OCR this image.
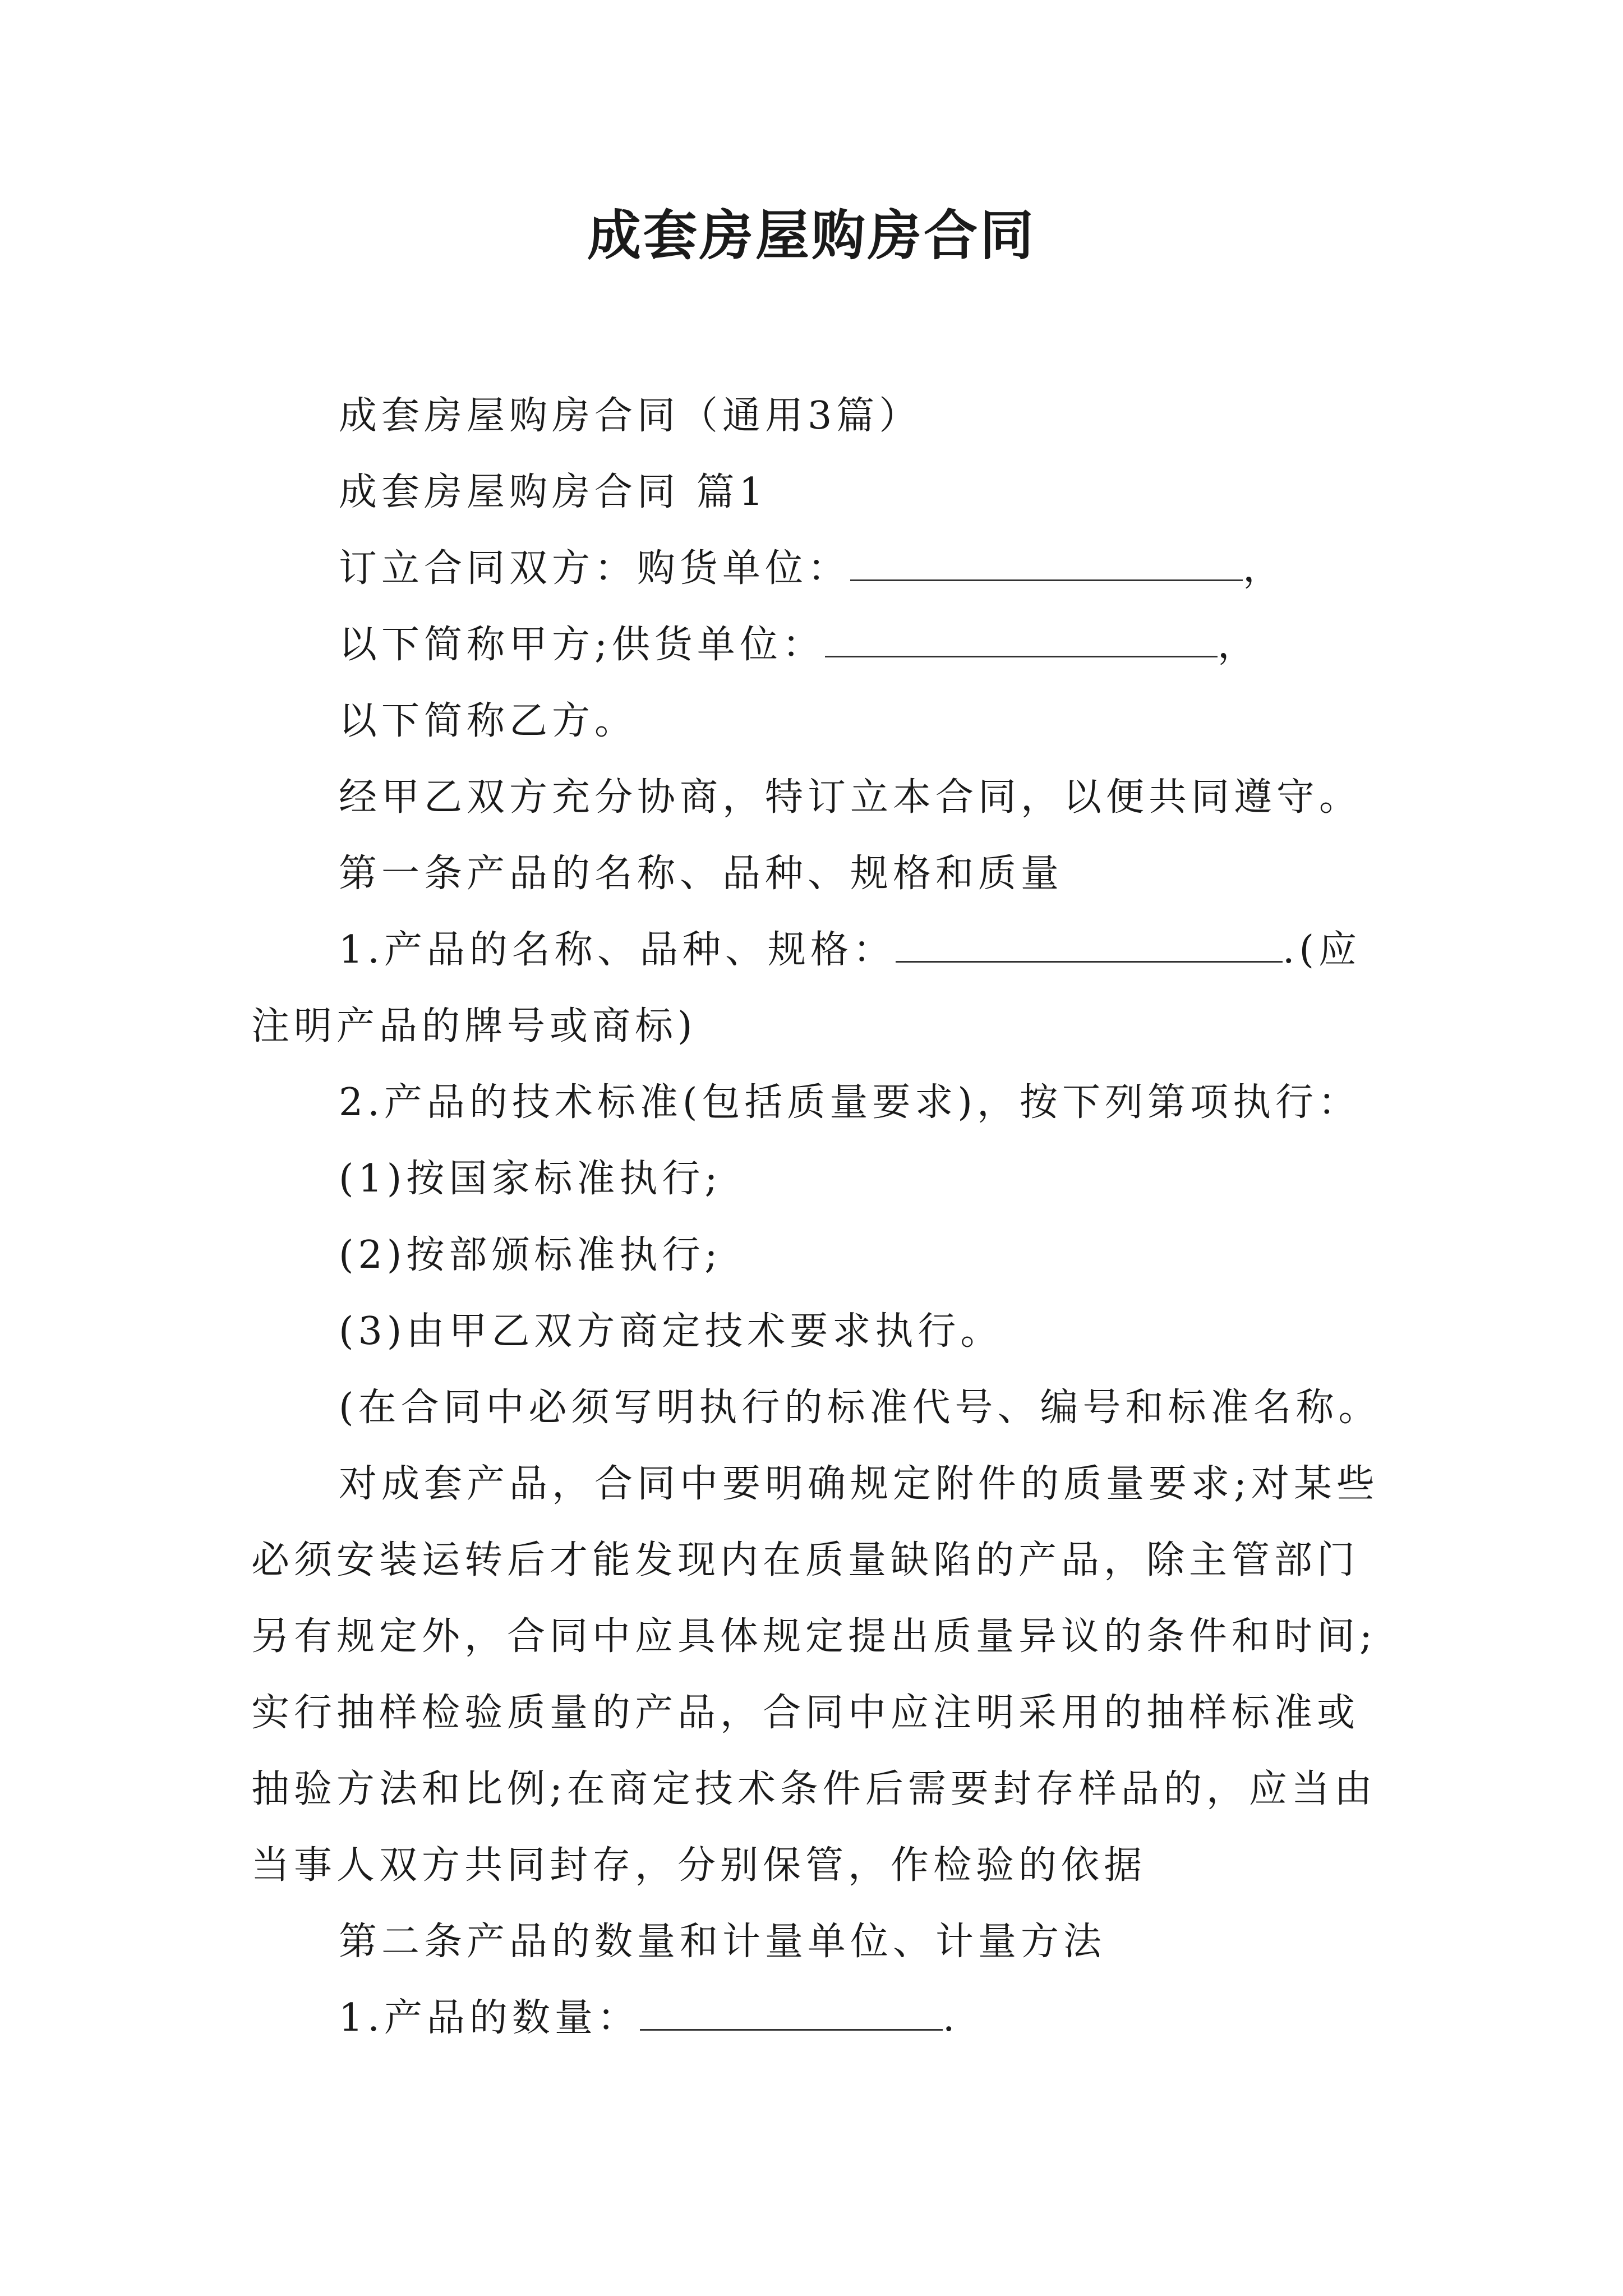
成套房屋购房合同

成套房屋购房合同（通用3篇）

成套房屋购房合同 篇1

订立合同双方：购货单位：	，

以下简称甲方;供货单位：	，

以下简称乙方。

经甲乙双方充分协商，特订立本合同，以便共同遵守。

第一条产品的名称、品种、规格和质量

1.产品的名称、品种、规格：	.(应注明产品的牌号或商标)

2.产品的技术标准(包括质量要求)，按下列第项执行：

(1)按国家标准执行;

(2)按部颁标准执行;

(3)由甲乙双方商定技术要求执行。

(在合同中必须写明执行的标准代号、编号和标准名称。

对成套产品，合同中要明确规定附件的质量要求;对某些必须安装运转后才能发现内在质量缺陷的产品，除主管部门另有规定外，合同中应具体规定提出质量异议的条件和时间;实行抽样检验质量的产品，合同中应注明采用的抽样标准或抽验方法和比例;在商定技术条件后需要封存样品的，应当由当事人双方共同封存，分别保管，作检验的依据

第二条产品的数量和计量单位、计量方法

1.产品的数量：	.
